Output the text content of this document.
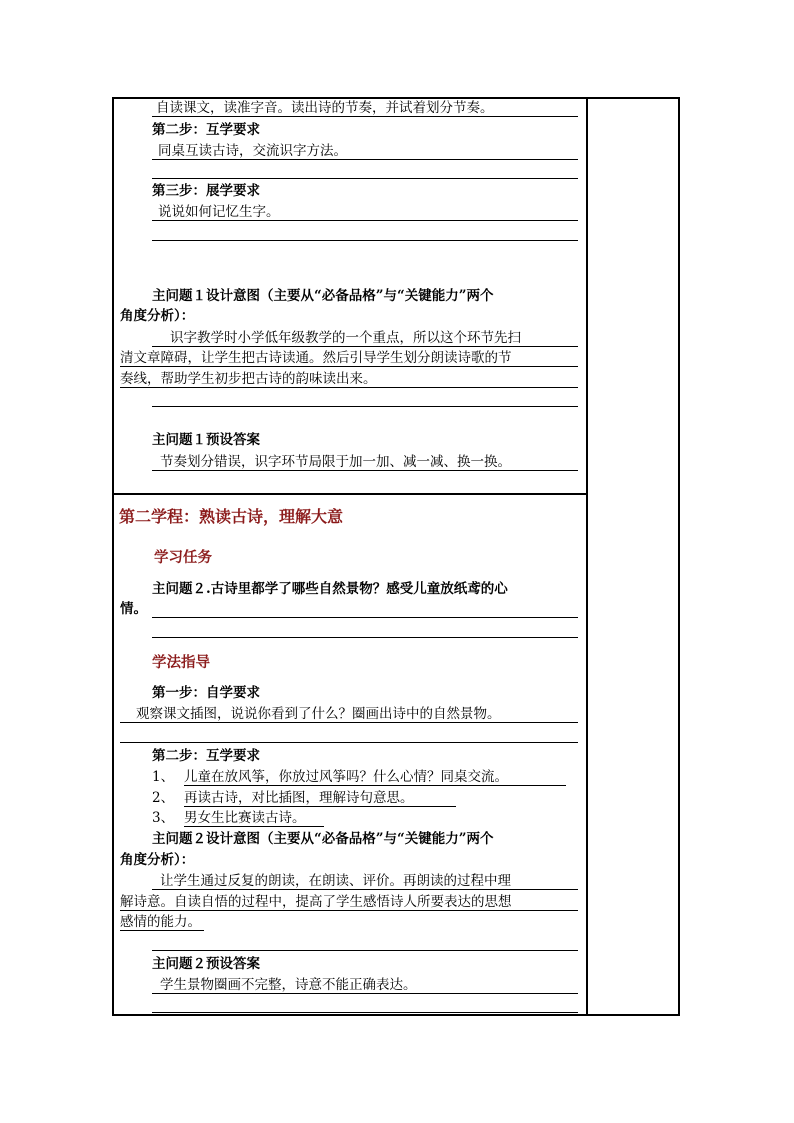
自读课文，读准字音。读出诗的节奏，并试着划分节奏。
第二步：互学要求
同桌互读古诗，交流识字方法。
第三步：展学要求
说说如何记忆生字。
主问题１设计意图（主要从“必备品格”与“关键能力”两个
角度分析）：
识字教学时小学低年级教学的一个重点，所以这个环节先扫
清文章障碍，让学生把古诗读通。然后引导学生划分朗读诗歌的节
奏线，帮助学生初步把古诗的韵味读出来。
主问题１预设答案
节奏划分错误，识字环节局限于加一加、减一减、换一换。
第二学程：熟读古诗，理解大意
学习任务
主问题２.古诗里都学了哪些自然景物？感受儿童放纸鸢的心
情。
学法指导
第一步：自学要求
观察课文插图，说说你看到了什么？圈画出诗中的自然景物。
第二步：互学要求
1、 儿童在放风筝，你放过风筝吗？什么心情？同桌交流。
2、 再读古诗，对比插图，理解诗句意思。
3、 男女生比赛读古诗。
主问题２设计意图（主要从“必备品格”与“关键能力”两个
角度分析）：
让学生通过反复的朗读，在朗读、评价。再朗读的过程中理
解诗意。自读自悟的过程中，提高了学生感悟诗人所要表达的思想
感情的能力。
主问题２预设答案
学生景物圈画不完整，诗意不能正确表达。
